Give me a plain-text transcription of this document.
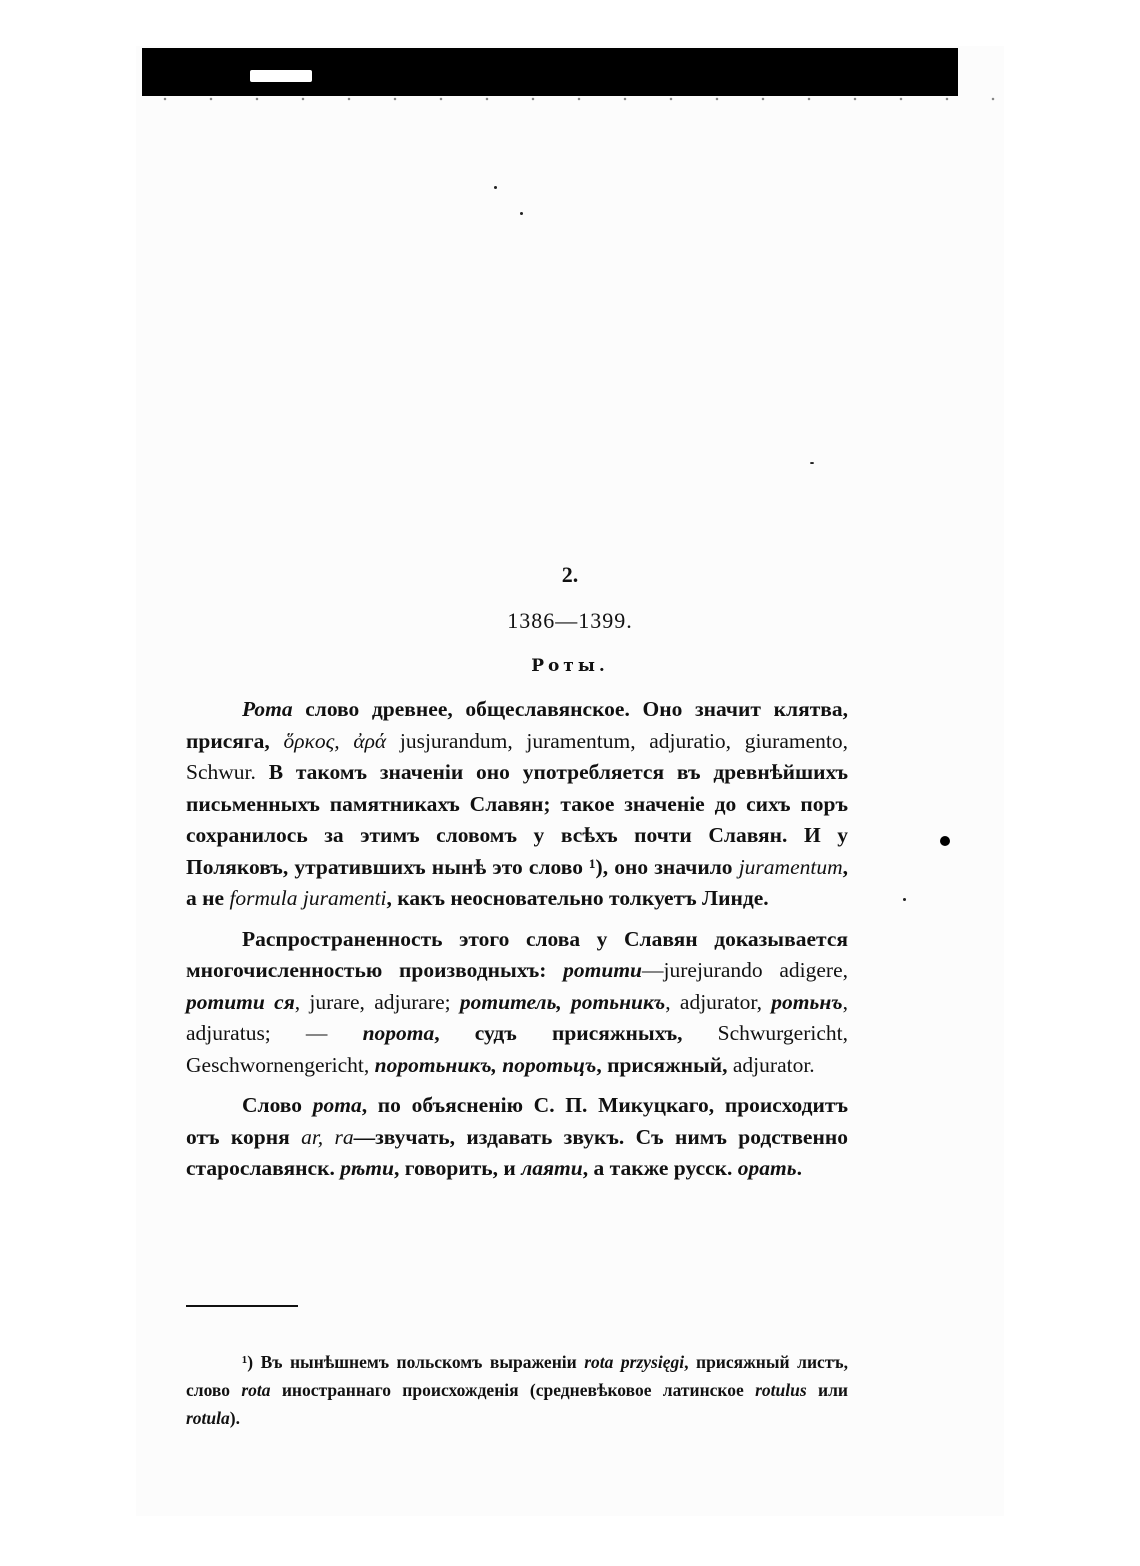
2.
1386—1399.
Роты.

Рота слово древнее, общеславянское. Оно значит клятва, присяга, ὅρκος, ἀρά jusjurandum, juramentum, adjuratio, giuramento, Schwur. В такомъ значеніи оно употребляется въ древнѣйшихъ письменныхъ памятникахъ Славян; такое значеніе до сихъ поръ сохранилось за этимъ словомъ у всѣхъ почти Славян. И у Поляковъ, утратившихъ нынѣ это слово ¹), оно значило juramentum, а не formula juramenti, какъ неосновательно толкуетъ Линде.

Распространенность этого слова у Славян доказывается многочисленностью производныхъ: ротити—jurejurando adigere, ротити ся, jurare, adjurare; ротитель, ротьникъ, adjurator, ротьнъ, adjuratus; — порота, судъ присяжныхъ, Schwurgericht, Geschwornengericht, поротьникъ, поротьцъ, присяжный, adjurator.

Слово рота, по объясненію С. П. Микуцкаго, происходитъ отъ корня ar, ra—звучать, издавать звукъ. Съ нимъ родственно старославянск. рѣти, говорить, и лаяти, а также русск. орать.

¹) Въ нынѣшнемъ польскомъ выраженіи rota przysięgi, присяжный листъ, слово rota иностраннаго происхожденія (средневѣковое латинское rotulus или rotula).
